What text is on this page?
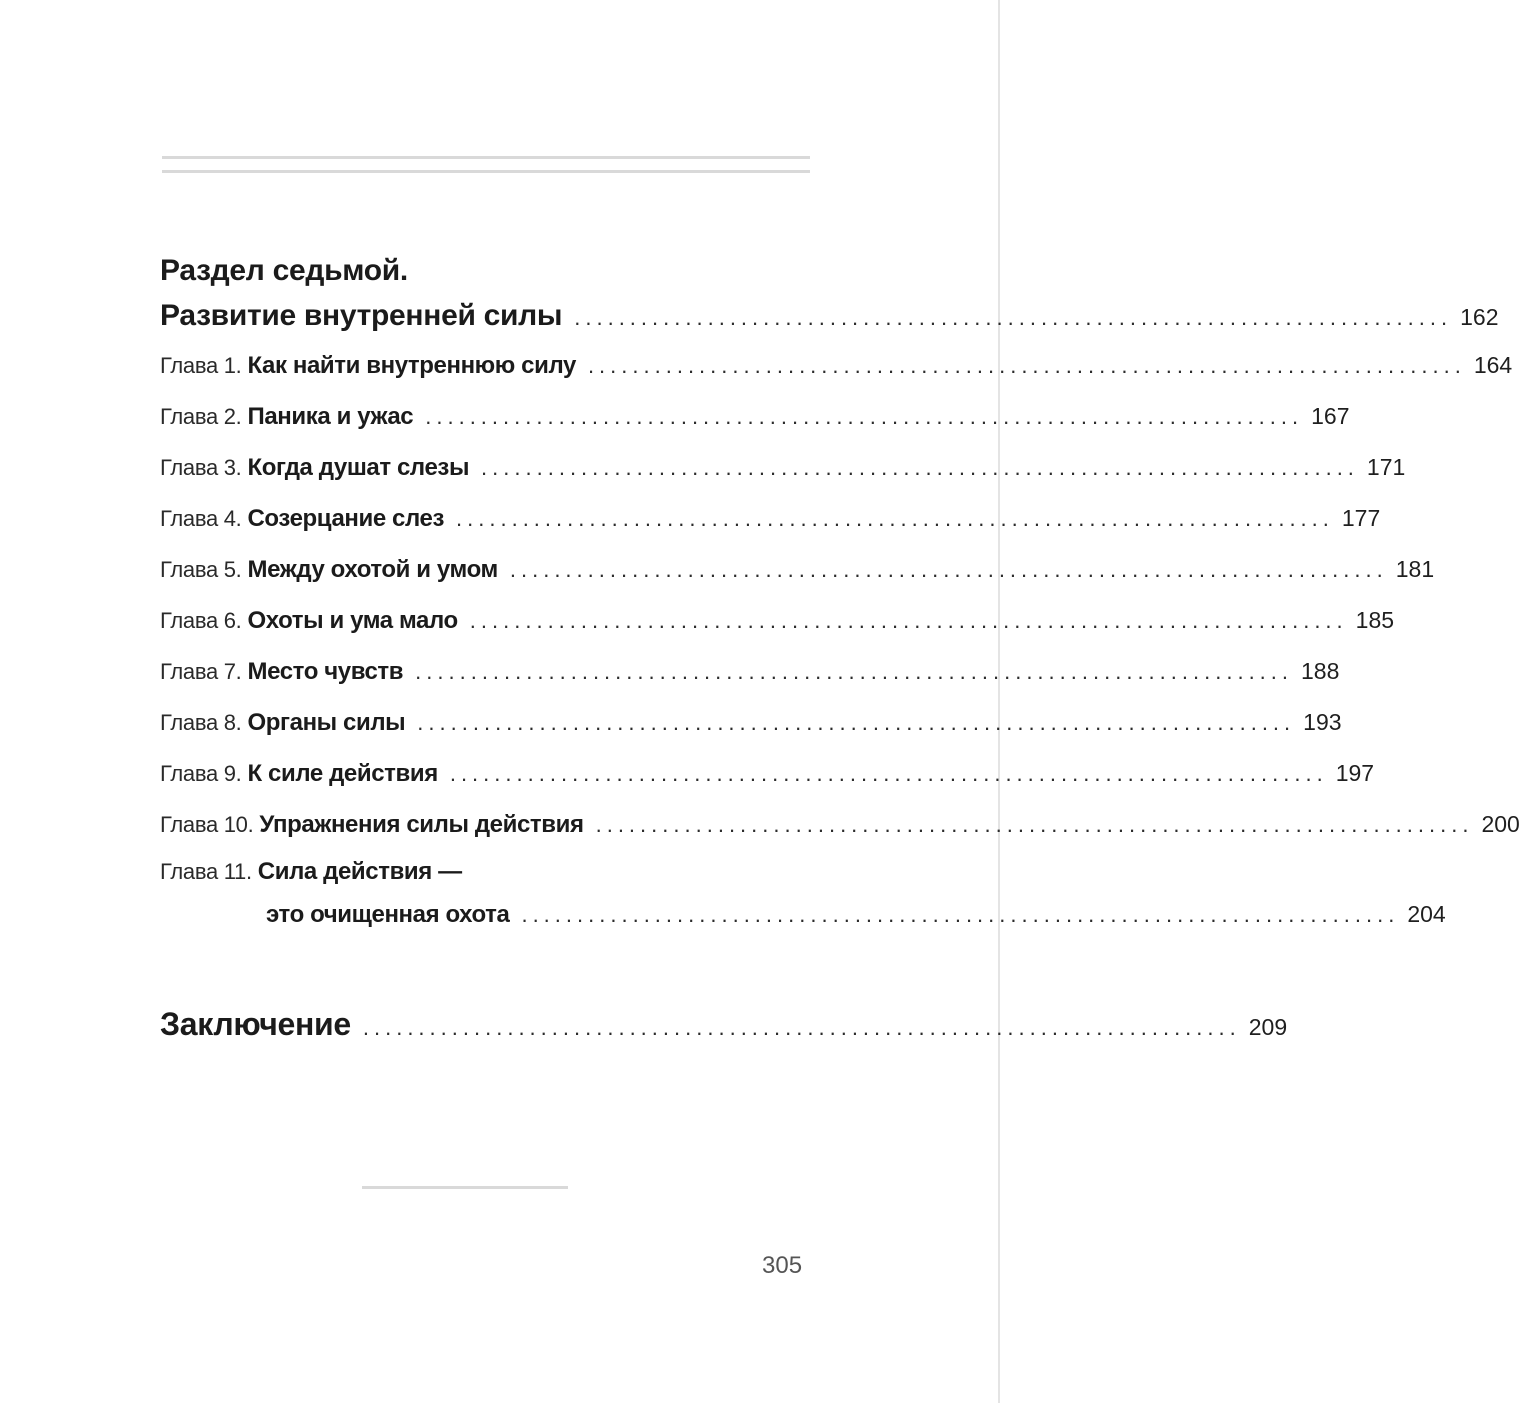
Раздел седьмой.
Развитие внутренней силы ............................................................................... 162
Глава 1. Как найти внутреннюю силу ............................................................................... 164
Глава 2. Паника и ужас ............................................................................... 167
Глава 3. Когда душат слезы ............................................................................... 171
Глава 4. Созерцание слез ............................................................................... 177
Глава 5. Между охотой и умом ............................................................................... 181
Глава 6. Охоты и ума мало ............................................................................... 185
Глава 7. Место чувств ............................................................................... 188
Глава 8. Органы силы ............................................................................... 193
Глава 9. К силе действия ............................................................................... 197
Глава 10. Упражнения силы действия ............................................................................... 200
Глава 11. Сила действия —
это очищенная охота ............................................................................... 204
Заключение ............................................................................... 209
305
